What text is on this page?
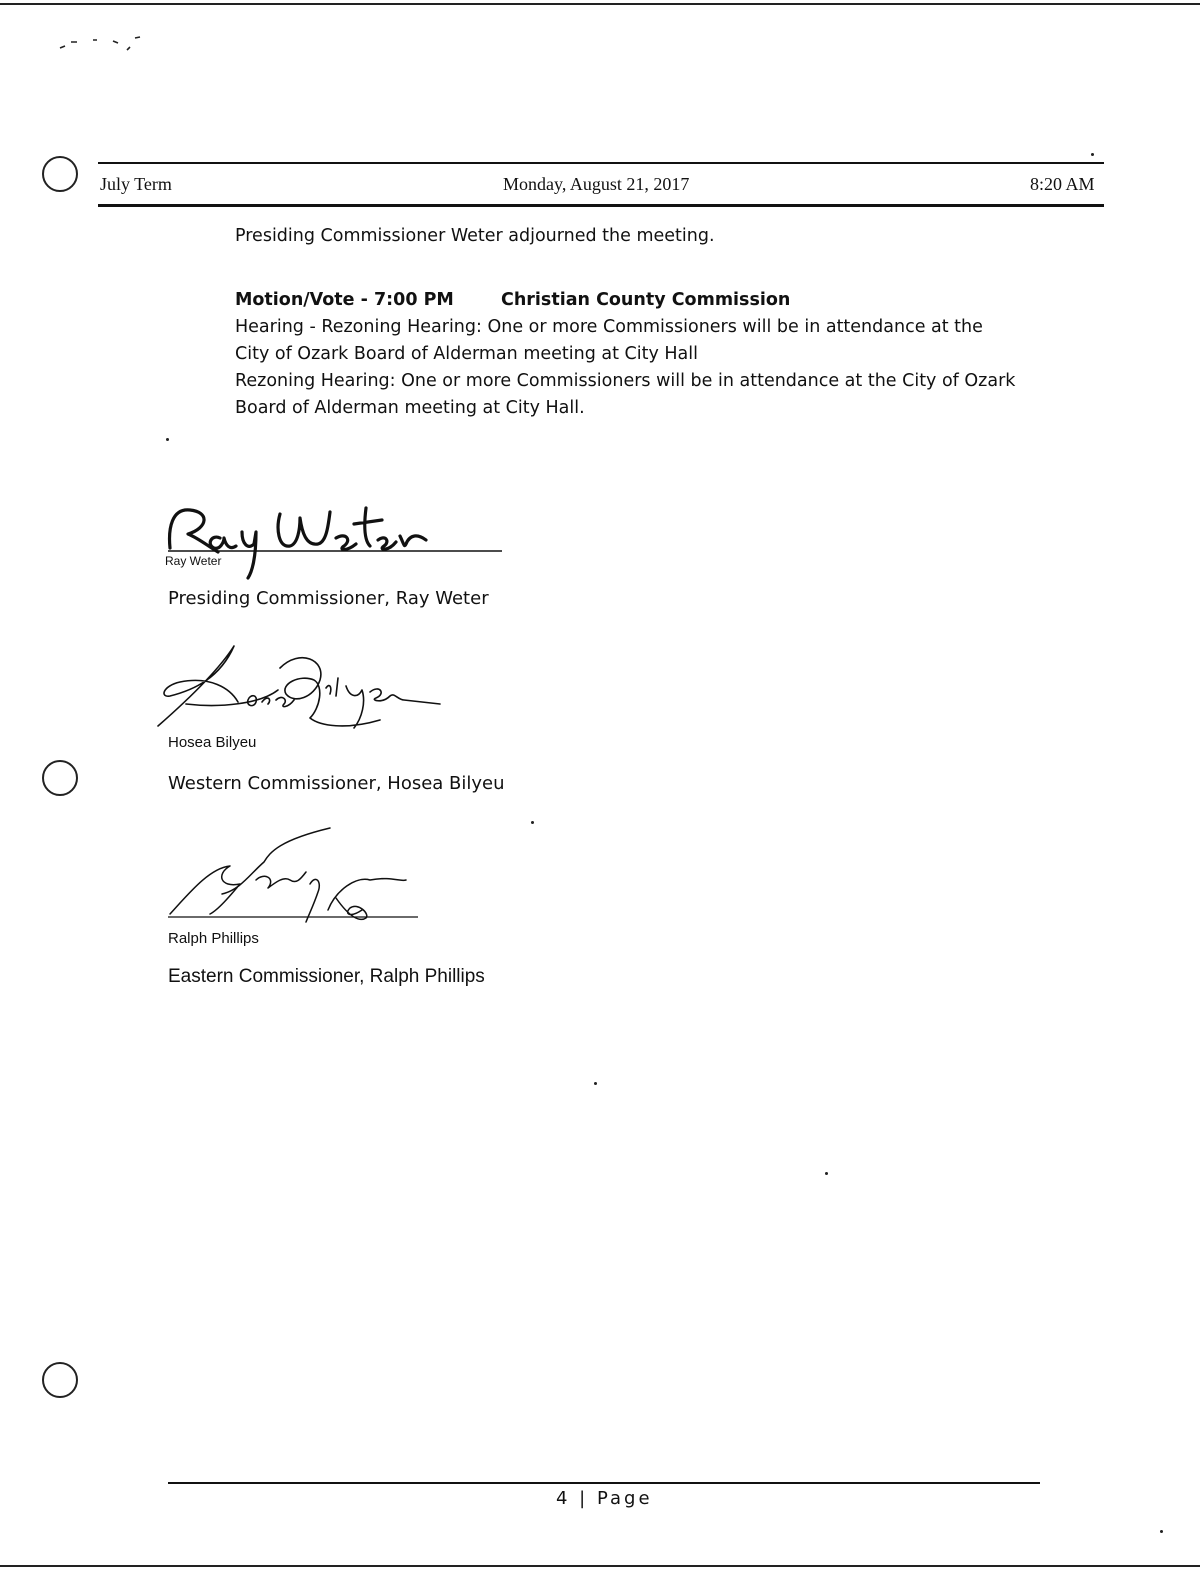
July Term	Monday, August 21, 2017	8:20 AM
Presiding Commissioner Weter adjourned the meeting.
Motion/Vote - 7:00 PM	Christian County Commission
Hearing - Rezoning Hearing: One or more Commissioners will be in attendance at the
City of Ozark Board of Alderman meeting at City Hall
Rezoning Hearing: One or more Commissioners will be in attendance at the City of Ozark
Board of Alderman meeting at City Hall.
Ray Weter
Presiding Commissioner, Ray Weter
Hosea Bilyeu
Western Commissioner, Hosea Bilyeu
Ralph Phillips
Eastern Commissioner, Ralph Phillips
4 | Page
